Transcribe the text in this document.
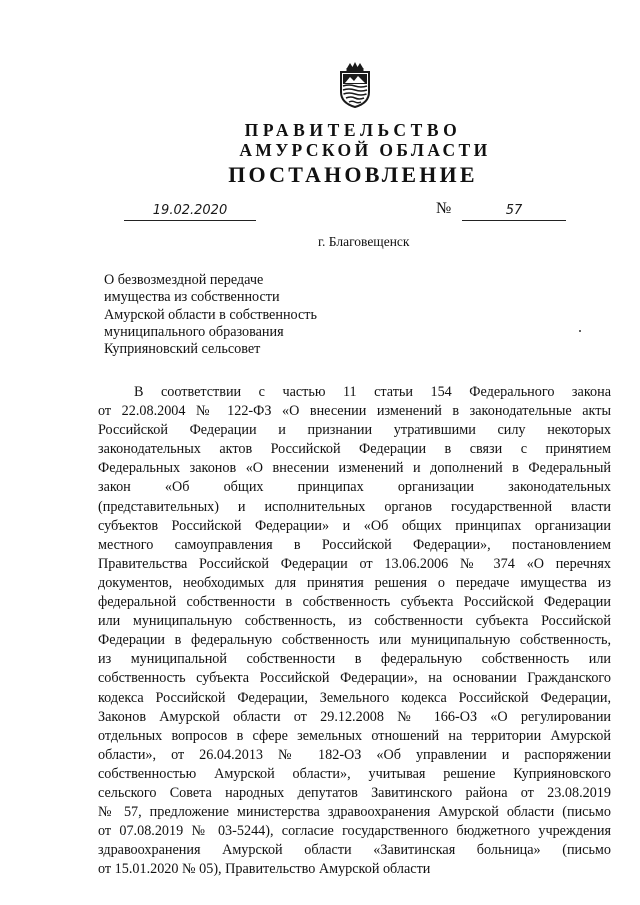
ПРАВИТЕЛЬСТВО
АМУРСКОЙ ОБЛАСТИ
ПОСТАНОВЛЕНИЕ
19.02.2020	№	57
г. Благовещенск
О безвозмездной передаче
имущества из собственности
Амурской области в собственность
муниципального образования
Куприяновский сельсовет
В соответствии с частью 11 статьи 154 Федерального закона
от 22.08.2004 № 122-ФЗ «О внесении изменений в законодательные акты
Российской Федерации и признании утратившими силу некоторых
законодательных актов Российской Федерации в связи с принятием
Федеральных законов «О внесении изменений и дополнений в Федеральный
закон «Об общих принципах организации законодательных
(представительных) и исполнительных органов государственной власти
субъектов Российской Федерации» и «Об общих принципах организации
местного самоуправления в Российской Федерации», постановлением
Правительства Российской Федерации от 13.06.2006 № 374 «О перечнях
документов, необходимых для принятия решения о передаче имущества из
федеральной собственности в собственность субъекта Российской Федерации
или муниципальную собственность, из собственности субъекта Российской
Федерации в федеральную собственность или муниципальную собственность,
из муниципальной собственности в федеральную собственность или
собственность субъекта Российской Федерации», на основании Гражданского
кодекса Российской Федерации, Земельного кодекса Российской Федерации,
Законов Амурской области от 29.12.2008 № 166-ОЗ «О регулировании
отдельных вопросов в сфере земельных отношений на территории Амурской
области», от 26.04.2013 № 182-ОЗ «Об управлении и распоряжении
собственностью Амурской области», учитывая решение Куприяновского
сельского Совета народных депутатов Завитинского района от 23.08.2019
№ 57, предложение министерства здравоохранения Амурской области (письмо
от 07.08.2019 № 03-5244), согласие государственного бюджетного учреждения
здравоохранения Амурской области «Завитинская больница» (письмо
от 15.01.2020 № 05), Правительство Амурской области
